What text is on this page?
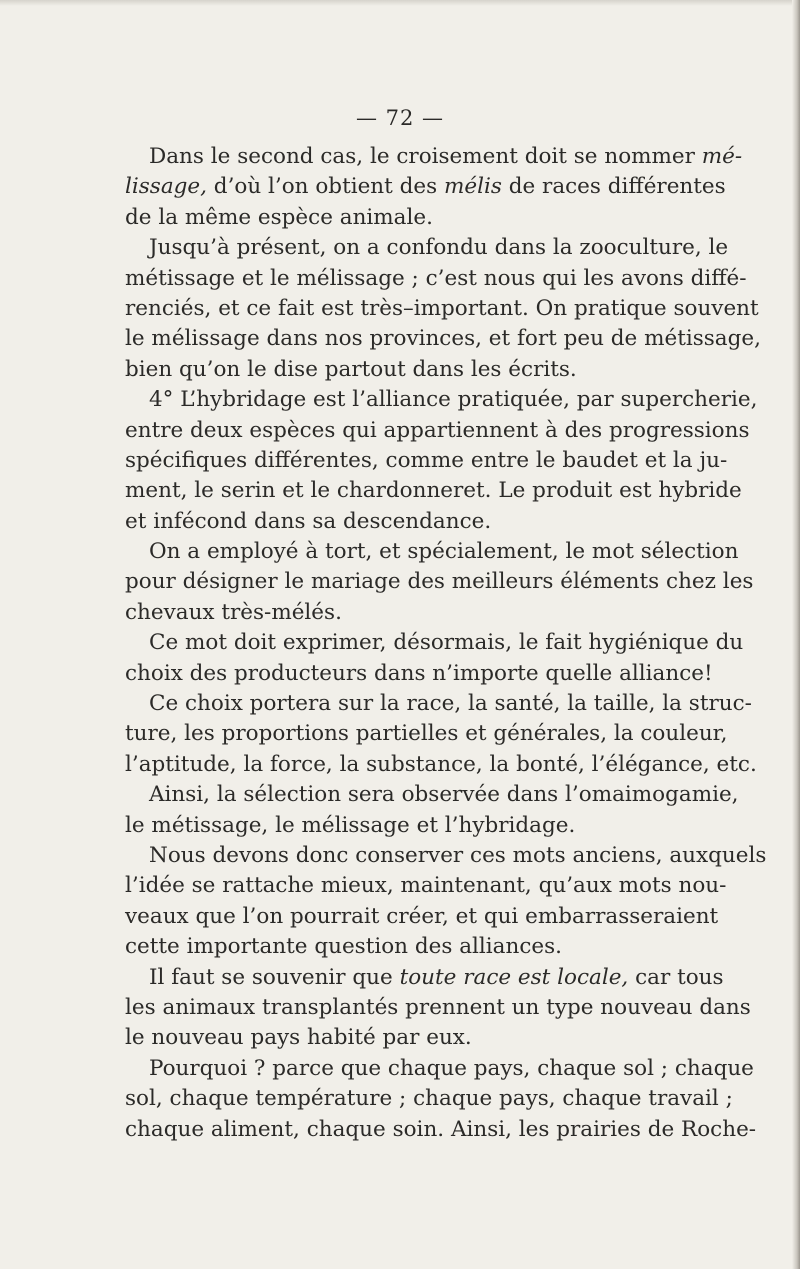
— 72 —
Dans le second cas, le croisement doit se nommer mé-
lissage, d’où l’on obtient des mélis de races différentes
de la même espèce animale.
Jusqu’à présent, on a confondu dans la zooculture, le
métissage et le mélissage ; c’est nous qui les avons diffé-
renciés, et ce fait est très–important. On pratique souvent
le mélissage dans nos provinces, et fort peu de métissage,
bien qu’on le dise partout dans les écrits.
4° L’hybridage est l’alliance pratiquée, par supercherie,
entre deux espèces qui appartiennent à des progressions
spécifiques différentes, comme entre le baudet et la ju-
ment, le serin et le chardonneret. Le produit est hybride
et infécond dans sa descendance.
On a employé à tort, et spécialement, le mot sélection
pour désigner le mariage des meilleurs éléments chez les
chevaux très-mélés.
Ce mot doit exprimer, désormais, le fait hygiénique du
choix des producteurs dans n’importe quelle alliance!
Ce choix portera sur la race, la santé, la taille, la struc-
ture, les proportions partielles et générales, la couleur,
l’aptitude, la force, la substance, la bonté, l’élégance, etc.
Ainsi, la sélection sera observée dans l’omaimogamie,
le métissage, le mélissage et l’hybridage.
Nous devons donc conserver ces mots anciens, auxquels
l’idée se rattache mieux, maintenant, qu’aux mots nou-
veaux que l’on pourrait créer, et qui embarrasseraient
cette importante question des alliances.
Il faut se souvenir que toute race est locale, car tous
les animaux transplantés prennent un type nouveau dans
le nouveau pays habité par eux.
Pourquoi ? parce que chaque pays, chaque sol ; chaque
sol, chaque température ; chaque pays, chaque travail ;
chaque aliment, chaque soin. Ainsi, les prairies de Roche-
